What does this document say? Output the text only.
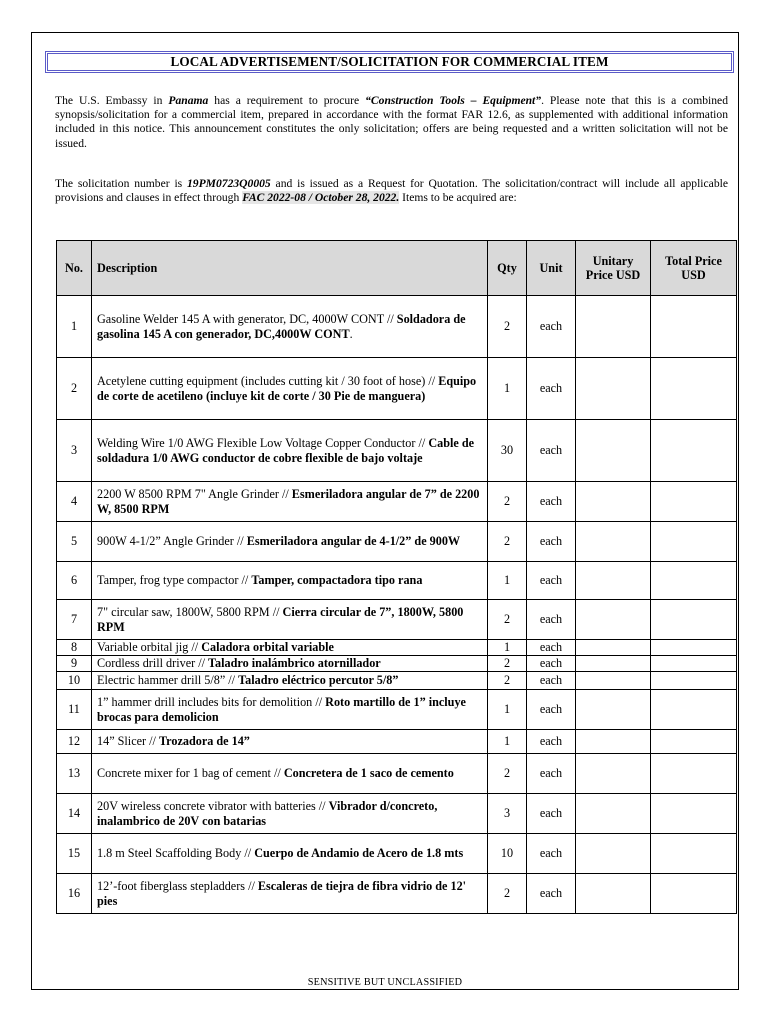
LOCAL ADVERTISEMENT/SOLICITATION FOR COMMERCIAL ITEM

The U.S. Embassy in Panama has a requirement to procure “Construction Tools – Equipment”. Please note that this is a combined synopsis/solicitation for a commercial item, prepared in accordance with the format FAR 12.6, as supplemented with additional information included in this notice. This announcement constitutes the only solicitation; offers are being requested and a written solicitation will not be issued.

The solicitation number is 19PM0723Q0005 and is issued as a Request for Quotation. The solicitation/contract will include all applicable provisions and clauses in effect through FAC 2022-08 / October 28, 2022. Items to be acquired are:

No.	Description	Qty	Unit	Unitary Price USD	Total Price USD
1	Gasoline Welder 145 A with generator, DC, 4000W CONT // Soldadora de gasolina 145 A con generador, DC,4000W CONT.	2	each		
2	Acetylene cutting equipment (includes cutting kit / 30 foot of hose) // Equipo de corte de acetileno (incluye kit de corte / 30 Pie de manguera)	1	each		
3	Welding Wire 1/0 AWG Flexible Low Voltage Copper Conductor // Cable de soldadura 1/0 AWG conductor de cobre flexible de bajo voltaje	30	each		
4	2200 W 8500 RPM 7" Angle Grinder // Esmeriladora angular de 7” de 2200 W, 8500 RPM	2	each		
5	900W 4-1/2” Angle Grinder // Esmeriladora angular de 4-1/2” de 900W	2	each		
6	Tamper, frog type compactor // Tamper, compactadora tipo rana	1	each		
7	7" circular saw, 1800W, 5800 RPM // Cierra circular de 7”, 1800W, 5800 RPM	2	each		
8	Variable orbital jig // Caladora orbital variable	1	each		
9	Cordless drill driver // Taladro inalámbrico atornillador	2	each		
10	Electric hammer drill 5/8” // Taladro eléctrico percutor 5/8”	2	each		
11	1” hammer drill includes bits for demolition // Roto martillo de 1” incluye brocas para demolicion	1	each		
12	14” Slicer // Trozadora de 14”	1	each		
13	Concrete mixer for 1 bag of cement // Concretera de 1 saco de cemento	2	each		
14	20V wireless concrete vibrator with batteries // Vibrador d/concreto, inalambrico de 20V con batarias	3	each		
15	1.8 m Steel Scaffolding Body // Cuerpo de Andamio de Acero de 1.8 mts	10	each		
16	12’-foot fiberglass stepladders // Escaleras de tiejra de fibra vidrio de 12' pies	2	each		
SENSITIVE BUT UNCLASSIFIED
